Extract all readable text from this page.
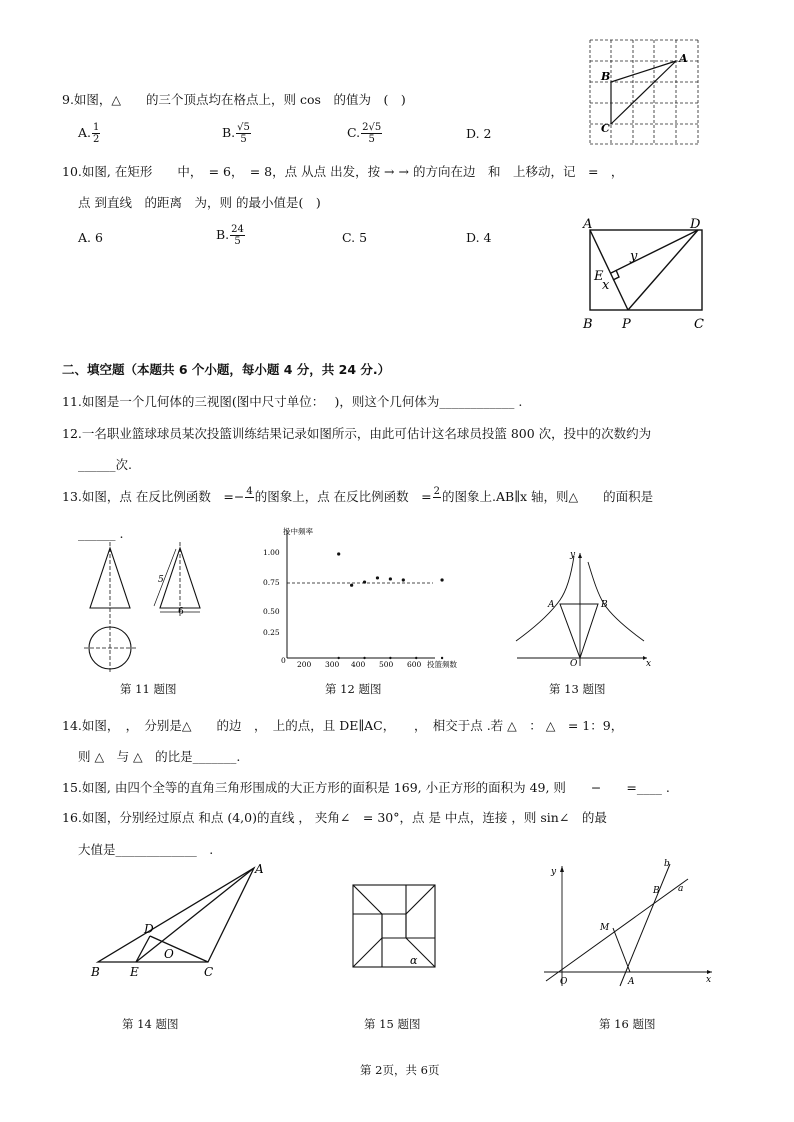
9.如图，△　　的三个顶点均在格点上，则 cos　的值为　(　)
A. $\frac{1}{2}$	B. $\frac{√5}{5}$	C. $\frac{2√5}{5}$	D. 2
A
B
C
10.如图, 在矩形　　中，　= 6，　= 8，点 从点 出发，按 → → 的方向在边　和　上移动，记　=　，
点 到直线　的距离　为，则 的最小值是(　)
A. 6	B. $\frac{24}{5}$	C. 5	D. 4
A	D
B P	C
E
x
y
二、填空题（本题共 6 个小题，每小题 4 分，共 24 分.）
11.如图是一个几何体的三视图(图中尺寸单位：　 )，则这个几何体为____________ .
12.一名职业篮球球员某次投篮训练结果记录如图所示，由此可估计这名球员投篮 800 次，投中的次数约为
______次.
13.如图，点 在反比例函数　=− 4
  的图象上，点 在反比例函数　= 2
  的图象上.AB∥x 轴，则△　　的面积是
______ .
5
6
第 11 题图
投中频率
投篮频数
0
1.00
0.75
0.50
0.25
200 300 400 500 600
第 12 题图
A	B
O	x
y
第 13 题图
14.如图，　，　分别是△　　的边　，　上的点，且 DE∥AC，　　，　相交于点 .若 △　： △　= 1：9，
则 △　与 △　的比是_______.
15.如图, 由四个全等的直角三角形围成的大正方形的面积是 169, 小正方形的面积为 49, 则　　−　　=____ .
16.如图，分别经过原点 和点 (4,0)的直线 ， 夹角∠　= 30°，点 是 中点，连接 ，则 sin∠　的最
大值是_____________　.
A
B	C
D
E
O
第 14 题图
α
第 15 题图
O	A
B
M
a
b
x
y
第 16 题图
第 2页，共 6页
